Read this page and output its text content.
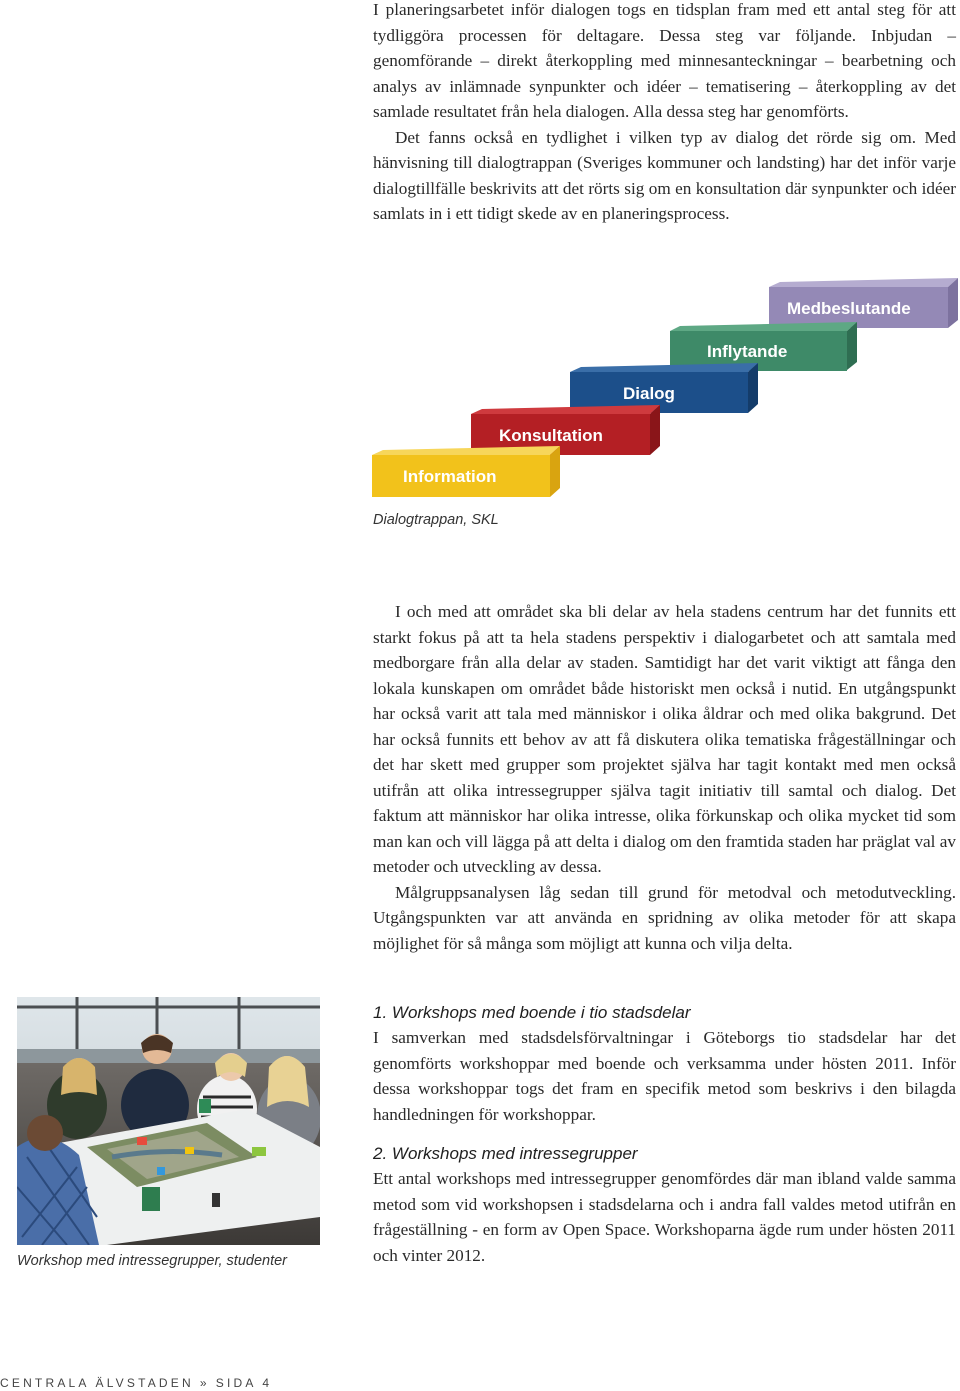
I planeringsarbetet inför dialogen togs en tidsplan fram med ett antal steg för att tydliggöra processen för deltagare. Dessa steg var följande. Inbjudan – genomförande – direkt återkoppling med minnesanteckningar – bearbetning och analys av inlämnade synpunkter och idéer – tematisering – återkoppling av det samlade resultatet från hela dialogen. Alla dessa steg har genomförts.

Det fanns också en tydlighet i vilken typ av dialog det rörde sig om. Med hänvisning till dialogtrappan (Sveriges kommuner och landsting) har det inför varje dialogtillfälle beskrivits att det rörts sig om en konsultation där synpunkter och idéer samlats in i ett tidigt skede av en planeringsprocess.

Medbeslutande
Inflytande
Dialog
Konsultation
Information
Dialogtrappan, SKL

I och med att området ska bli delar av hela stadens centrum har det funnits ett starkt fokus på att ta hela stadens perspektiv i dialogarbetet och att samtala med medborgare från alla delar av staden. Samtidigt har det varit viktigt att fånga den lokala kunskapen om området både historiskt men också i nutid. En utgångspunkt har också varit att tala med människor i olika åldrar och med olika bakgrund. Det har också funnits ett behov av att få diskutera olika tematiska frågeställningar och det har skett med grupper som projektet själva har tagit kontakt med men också utifrån att olika intressegrupper själva tagit initiativ till samtal och dialog. Det faktum att människor har olika intresse, olika förkunskap och olika mycket tid som man kan och vill lägga på att delta i dialog om den framtida staden har präglat val av metoder och utveckling av dessa.

Målgruppsanalysen låg sedan till grund för metodval och metodutveckling. Utgångspunkten var att använda en spridning av olika metoder för att skapa möjlighet för så många som möjligt att kunna och vilja delta.

Workshop med intressegrupper, studenter
1. Workshops med boende i tio stadsdelar

I samverkan med stadsdelsförvaltningar i Göteborgs tio stadsdelar har det genomförts workshoppar med boende och verksamma under hösten 2011. Inför dessa workshoppar togs det fram en specifik metod som beskrivs i den bilagda handledningen för workshoppar.

2. Workshops med intressegrupper

Ett antal workshops med intressegrupper genomfördes där man ibland valde samma metod som vid workshopsen i stadsdelarna och i andra fall valdes metod utifrån en frågeställning - en form av Open Space. Workshoparna ägde rum under hösten 2011 och vinter 2012.

CENTRALA ÄLVSTADEN » SIDA 4
